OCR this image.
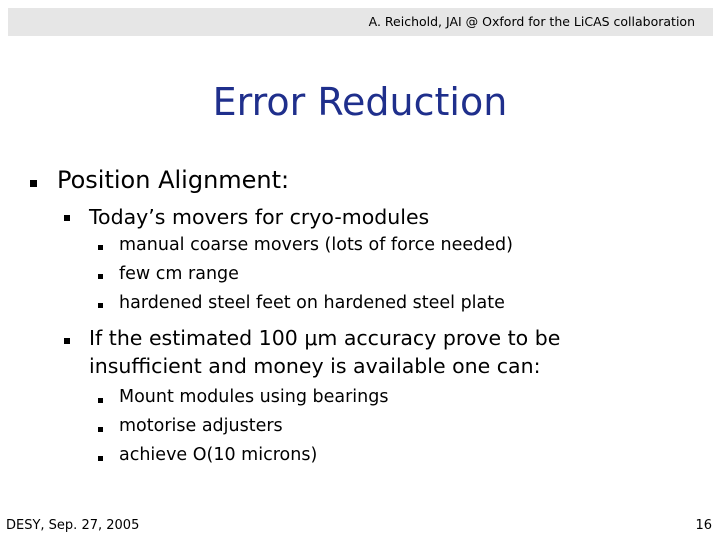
A. Reichold, JAI @ Oxford for the LiCAS collaboration
Error Reduction
Position Alignment:
Today’s movers for cryo-modules
manual coarse movers (lots of force needed)
few cm range
hardened steel feet on hardened steel plate
If the estimated 100 μm accuracy prove to be
insufficient and money is available one can:
Mount modules using bearings
motorise adjusters
achieve O(10 microns)
DESY, Sep. 27, 2005	16
